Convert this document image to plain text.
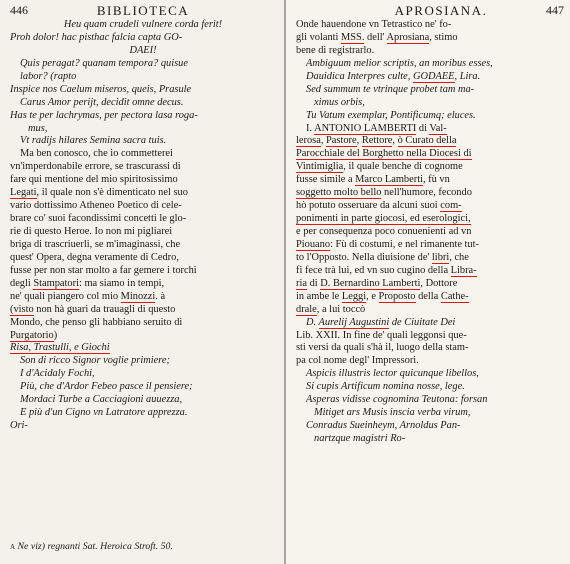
446	BIBLIOTECA
Heu quam crudeli vulnere corda ferit!
Proh dolor! hac pisthac falcia capta GO-
DAEI!
Quis peragat? quanam tempora? quisue
labor? (rapto
Inspice nos Caelum miseros, queis, Prasule
Carus Amor perijt, decidit omne decus.
Has te per lachrymas, per pectora lasa roga-
mus,
Vt radijs hilares Semina sacra tuis.
Ma ben conosco, che io commetterei
vn'imperdonabile errore, se trascurassi di
fare qui mentione del mio spiritosissimo
Legati, il quale non s'è dimenticato nel suo
vario dottissimo Atheneo Poetico di cele-
brare co' suoi facondissimi concetti le glo-
rie di questo Heroe. Io non mi pigliarei
briga di trascriuerli, se m'imaginassi, che
quest' Opera, degna veramente di Cedro,
fusse per non star molto a far gemere i torchi
degli Stampatori: ma siamo in tempi,
ne' quali piangero col mio Minozzi. à
(visto non hà guari da trauagli di questo
Mondo, che penso gli habbiano seruito di
Purgatorio)
Risa, Trastulli, e Giochi
Son di ricco Signor voglie primiere;
I d'Acidaly Fochi,
Più, che d'Ardor Febeo pasce il pensiere;
Mordaci Turbe a Cacciagioni auuezza,
E più d'un Cigno vn Latratore apprezza.
Ori-
a Ne viz) regnanti Sat. Heroica Stroft. 50.
APROSIANA.	447
Onde hauendone vn Tetrastico ne' fo-
gli volanti MSS. dell' Aprosiana, stimo
bene di registrarlo.
Ambiguum melior scriptis, an moribus esses,
Dauidica Interpres culte, GODAEE, Lira.
Sed summum te vtrinque probet tam ma-
ximus orbis,
Tu Vatum exemplar, Pontificumq; eluces.
I. ANTONIO LAMBERTI di Val-
lerosa, Pastore, Rettore, ò Curato della
Parocchiale del Borghetto nella Diocesi di
Vintimiglia, il quale benche di cognome
fusse simile a Marco Lamberti, fù vn
soggetto molto bello nell'humore, fecondo
hò potuto osseruare da alcuni suoi com-
ponimenti in parte giocosi, ed eserologici,
e per consequenza poco conuenienti ad vn
Piouano: Fù di costumi, e nel rimanente tut-
to l'Opposto. Nella diuisione de' libri, che
fi fece trà lui, ed vn suo cugino della Libra-
ria di D. Bernardino Lamberti, Dottore
in ambe le Leggi, e Proposto della Cathe-
drale, a lui toccò
D. Aurelij Augustini de Ciuitate Dei
Lib. XXII. In fine de' quali leggonsi que-
sti versi da quali s'hà il, luogo della stam-
pa col nome degl' Impressori.
Aspicis illustris lector quicunque libellos,
Si cupis Artificum nomina nosse, lege.
Asperas vidisse cognomina Teutona: forsan
Mitiget ars Musis inscia verba virum,
Conradus Sueinheym, Arnoldus Pan-
nartzque magistri Ro-
